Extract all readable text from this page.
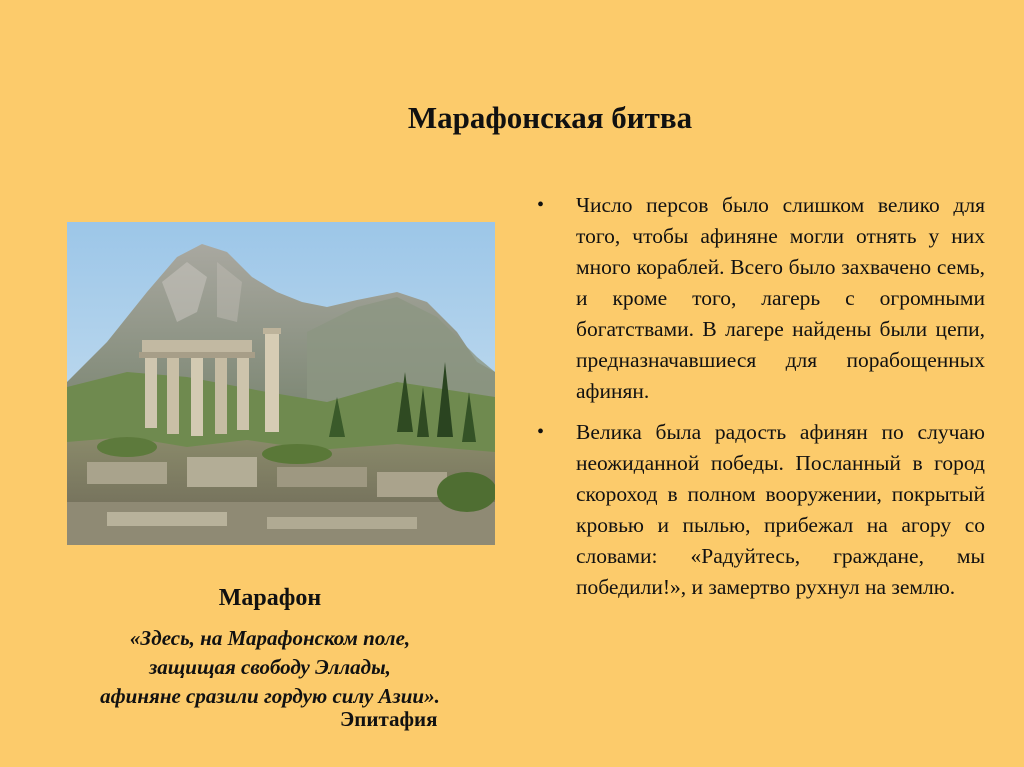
Марафонская битва
Марафон
«Здесь, на Марафонском поле,
защищая свободу Эллады,
афиняне сразили гордую силу Азии».
Эпитафия
• Число персов было слишком велико для того, чтобы афиняне могли отнять у них много кораблей. Всего было захвачено семь, и кроме того, лагерь с огромными богатствами. В лагере найдены были цепи, предназначавшиеся для порабощенных афинян.
• Велика была радость афинян по случаю неожиданной победы. Посланный в город скороход в полном вооружении, покрытый кровью и пылью, прибежал на агору со словами: «Радуйтесь, граждане, мы победили!», и замертво рухнул на землю.
